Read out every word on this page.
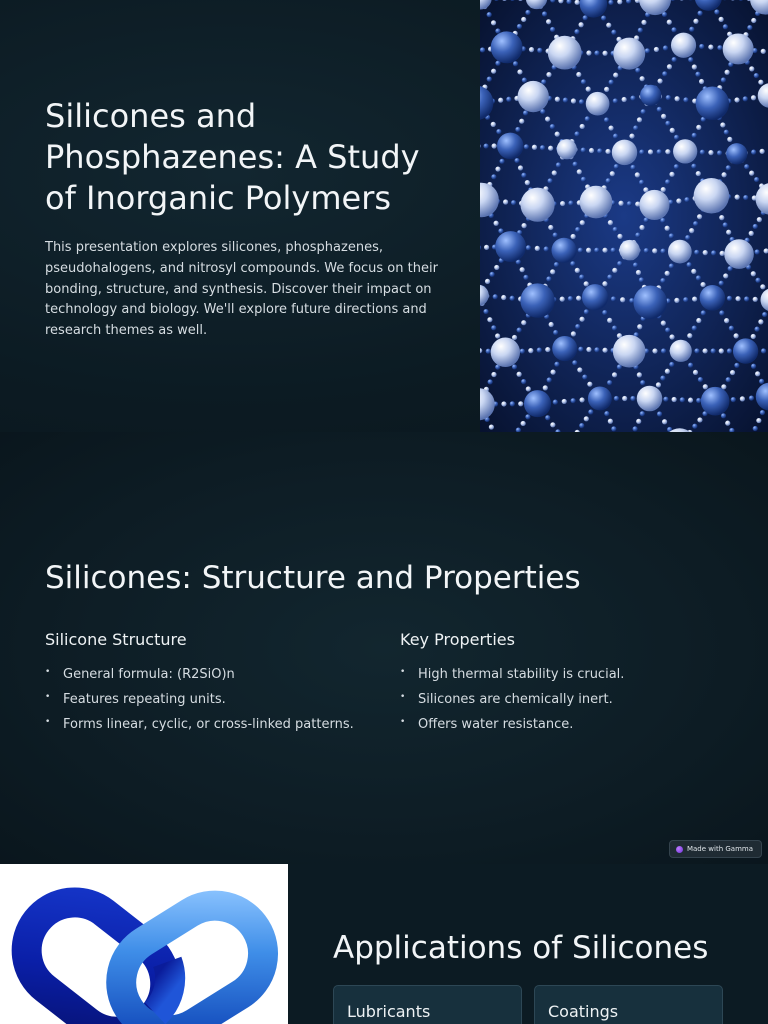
Silicones and Phosphazenes: A Study of Inorganic Polymers

This presentation explores silicones, phosphazenes, pseudohalogens, and nitrosyl compounds. We focus on their bonding, structure, and synthesis. Discover their impact on technology and biology. We'll explore future directions and research themes as well.

Silicones: Structure and Properties
Silicone Structure
• General formula: (R2SiO)n
• Features repeating units.
• Forms linear, cyclic, or cross-linked patterns.
Key Properties
• High thermal stability is crucial.
• Silicones are chemically inert.
• Offers water resistance.
Made with Gamma
Applications of Silicones
Lubricants	Coatings
